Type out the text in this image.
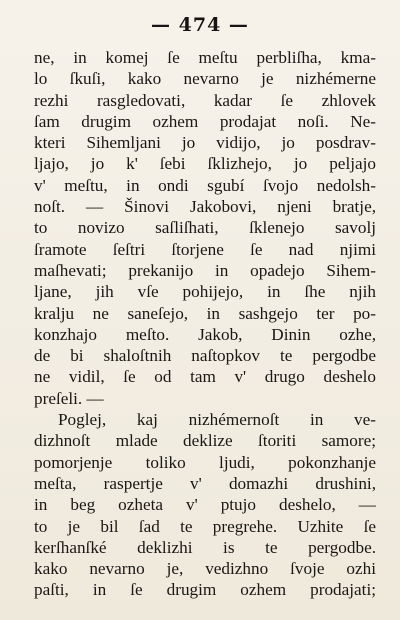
— 474 —
ne, in komej ſe meſtu perbliſha, kma-
lo ſkuſi, kako nevarno je nizhémerne
rezhi rasgledovati, kadar ſe zhlovek
ſam drugim ozhem prodajat noſi. Ne-
kteri Sihemljani jo vidijo, jo posdrav-
ljajo, jo k' ſebi ſklizhejo, jo peljajo
v' meſtu, in ondi sgubí ſvojo nedolsh-
noſt. — Šinovi Jakobovi, njeni bratje,
to novizo saſliſhati, ſklenejo savolj
ſramote ſeſtri ſtorjene ſe nad njimi
maſhevati; prekanijo in opadejo Sihem-
ljane, jih vſe pohijejo, in ſhe njih
kralju ne saneſejo, in sashgejo ter po-
konzhajo meſto. Jakob, Dinin ozhe,
de bi shaloſtnih naſtopkov te pergodbe
ne vidil, ſe od tam v' drugo deshelo
preſeli. —
Poglej, kaj nizhémernoſt in ve-
dizhnoſt mlade deklize ſtoriti samore;
pomorjenje toliko ljudi, pokonzhanje
meſta, raspertje v' domazhi drushini,
in beg ozheta v' ptujo deshelo, —
to je bil ſad te pregrehe. Uzhite ſe
kerſhanſké deklizhi is te pergodbe.
kako nevarno je, vedizhno ſvoje ozhi
paſti, in ſe drugim ozhem prodajati;
